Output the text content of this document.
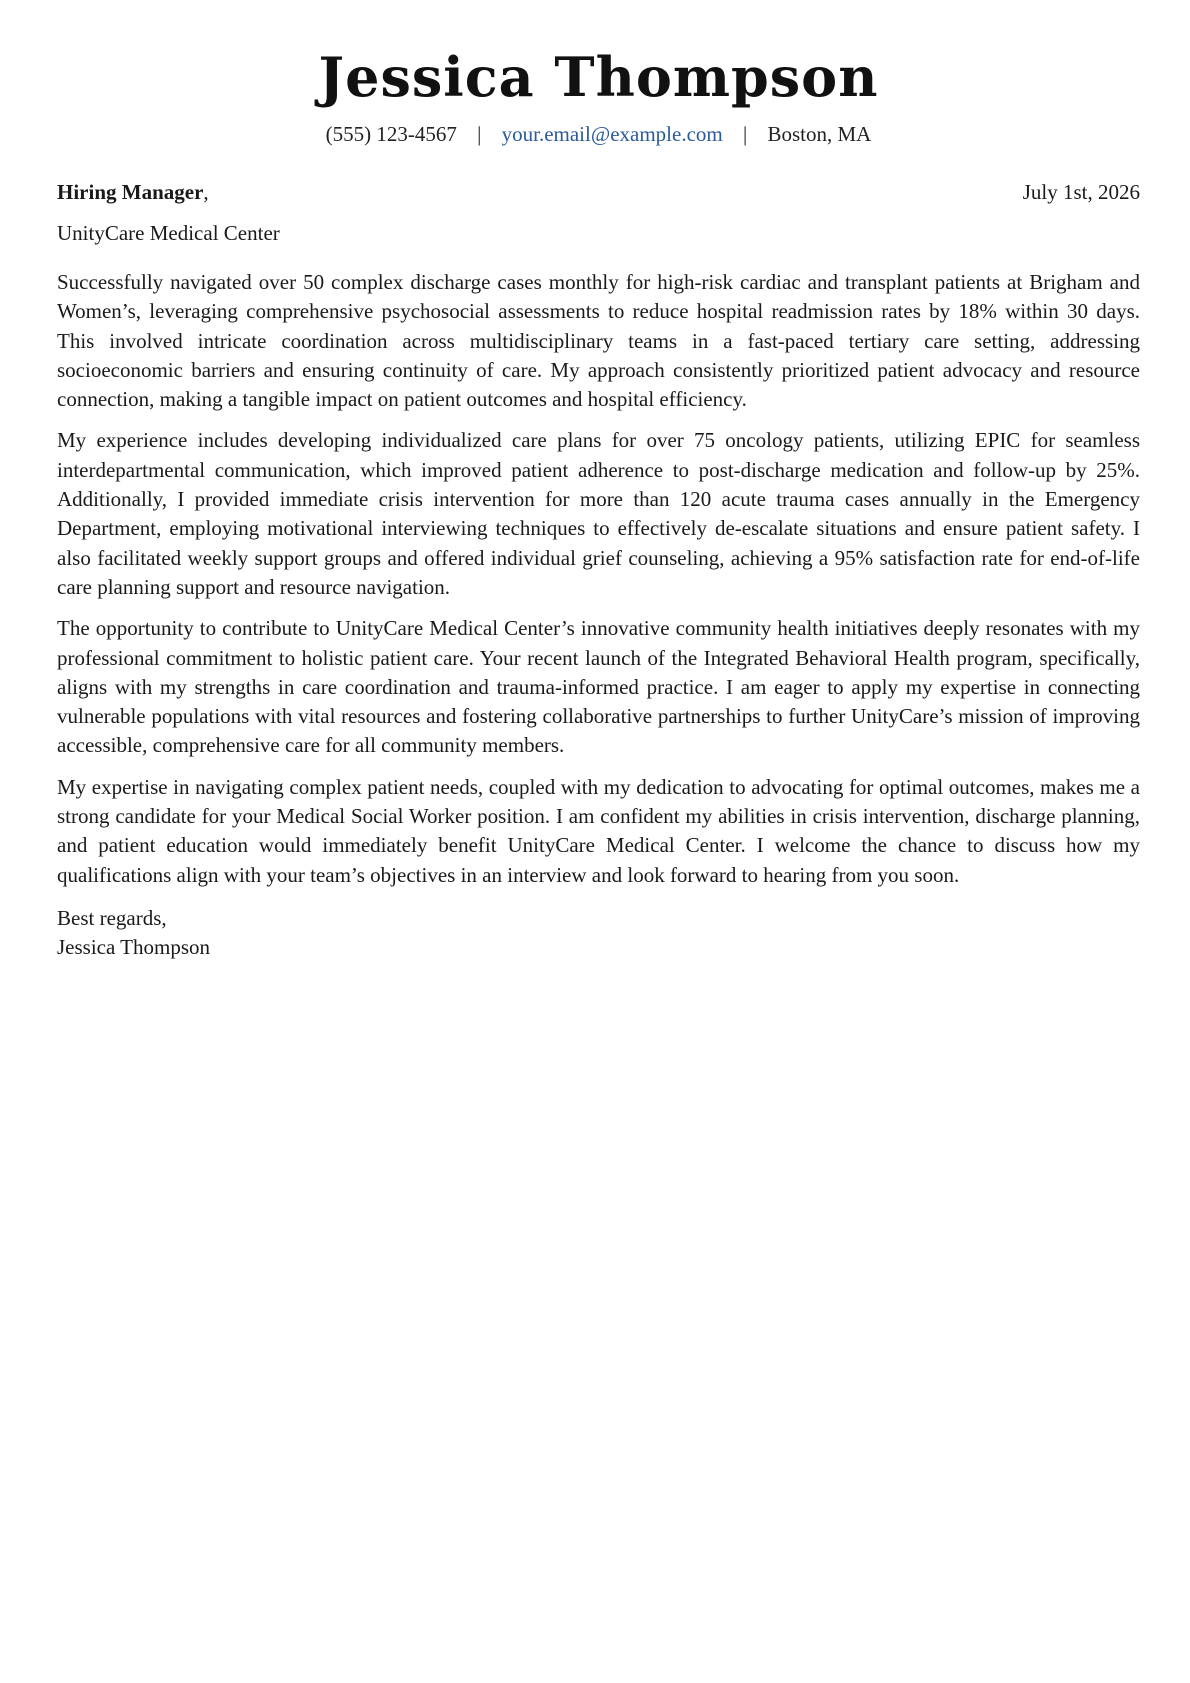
Jessica Thompson
(555) 123-4567 | your.email@example.com | Boston, MA
Hiring Manager,	July 1st, 2026
UnityCare Medical Center

Successfully navigated over 50 complex discharge cases monthly for high-risk cardiac and transplant patients at Brigham and Women’s, leveraging comprehensive psychosocial assessments to reduce hospital readmission rates by 18% within 30 days. This involved intricate coordination across multidisciplinary teams in a fast-paced tertiary care setting, addressing socioeconomic barriers and ensuring continuity of care. My approach consistently prioritized patient advocacy and resource connection, making a tangible impact on patient outcomes and hospital efficiency.

My experience includes developing individualized care plans for over 75 oncology patients, utilizing EPIC for seamless interdepartmental communication, which improved patient adherence to post-discharge medication and follow-up by 25%. Additionally, I provided immediate crisis intervention for more than 120 acute trauma cases annually in the Emergency Department, employing motivational interviewing techniques to effectively de-escalate situations and ensure patient safety. I also facilitated weekly support groups and offered individual grief counseling, achieving a 95% satisfaction rate for end-of-life care planning support and resource navigation.

The opportunity to contribute to UnityCare Medical Center’s innovative community health initiatives deeply resonates with my professional commitment to holistic patient care. Your recent launch of the Integrated Behavioral Health program, specifically, aligns with my strengths in care coordination and trauma-informed practice. I am eager to apply my expertise in connecting vulnerable populations with vital resources and fostering collaborative partnerships to further UnityCare’s mission of improving accessible, comprehensive care for all community members.

My expertise in navigating complex patient needs, coupled with my dedication to advocating for optimal outcomes, makes me a strong candidate for your Medical Social Worker position. I am confident my abilities in crisis intervention, discharge planning, and patient education would immediately benefit UnityCare Medical Center. I welcome the chance to discuss how my qualifications align with your team’s objectives in an interview and look forward to hearing from you soon.

Best regards,
Jessica Thompson
